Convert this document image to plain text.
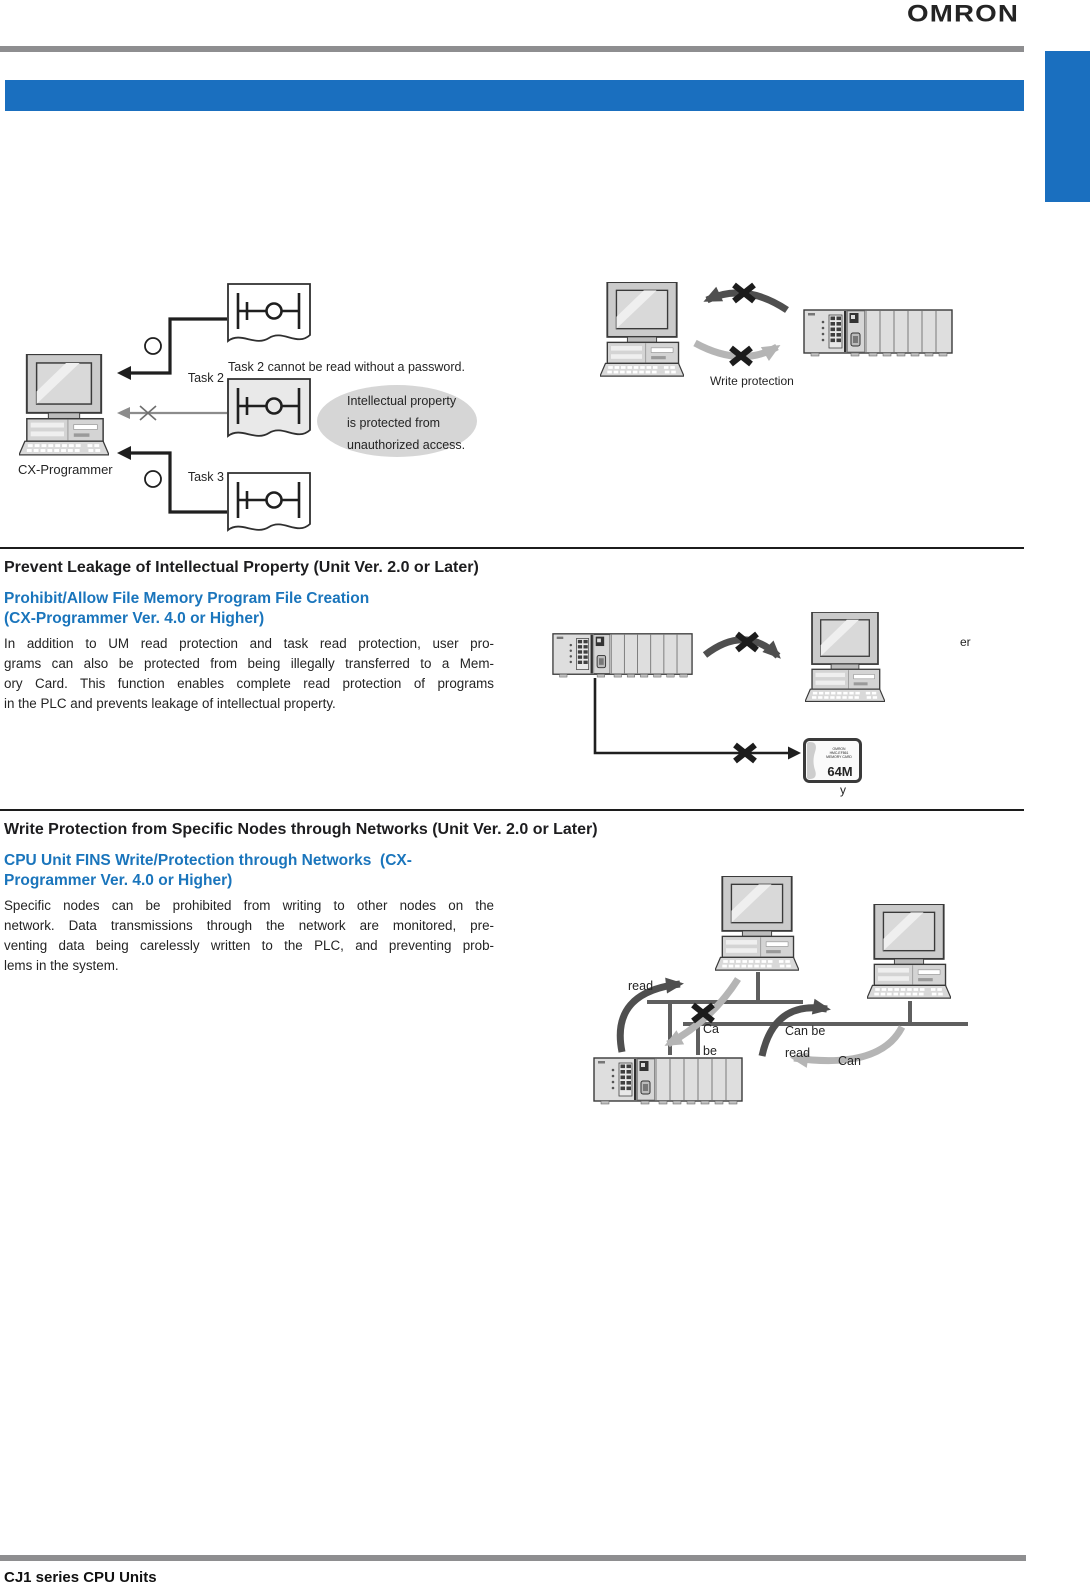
OMRON
CX-Programmer
Task 2 cannot be read without a password.
Task 2
Task 3
Intellectual property
is protected from
unauthorized access.
Write protection
Prevent Leakage of Intellectual Property (Unit Ver. 2.0 or Later)
Prohibit/Allow File Memory Program File Creation
(CX-Programmer Ver. 4.0 or Higher)
In addition to UM read protection and task read protection, user pro-
grams can also be protected from being illegally transferred to a Mem-
ory Card. This function enables complete read protection of programs
in the PLC and prevents leakage of intellectual property.
OMRON
HMC-EF861
MEMORY CARD
64M
er
y
Write Protection from Specific Nodes through Networks (Unit Ver. 2.0 or Later)
CPU Unit FINS Write/Protection through Networks  (CX-
Programmer Ver. 4.0 or Higher)
Specific nodes can be prohibited from writing to other nodes on the
network. Data transmissions through the network are monitored, pre-
venting data being carelessly written to the PLC, and preventing prob-
lems in the system.
read
Ca
be
Can be
read
Can
CJ1 series CPU Units
